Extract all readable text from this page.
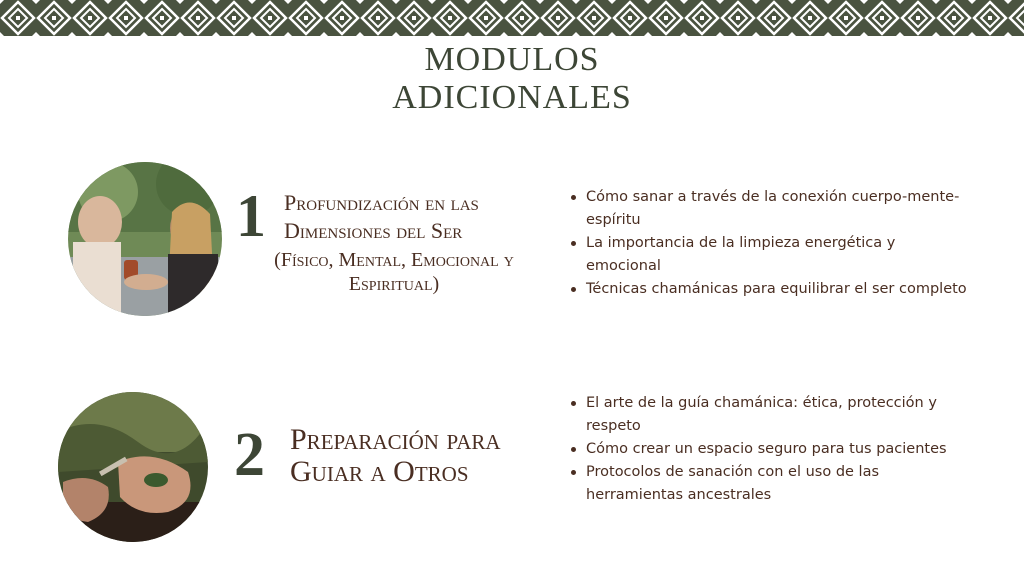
MODULOS
ADICIONALES
1 Profundización en las
Dimensiones del Ser
(Físico, Mental, Emocional y
Espiritual)
Cómo sanar a través de la conexión cuerpo-mente-espíritu
La importancia de la limpieza energética y emocional
Técnicas chamánicas para equilibrar el ser completo
2 Preparación para
Guiar a Otros
El arte de la guía chamánica: ética, protección y respeto
Cómo crear un espacio seguro para tus pacientes
Protocolos de sanación con el uso de las herramientas ancestrales
